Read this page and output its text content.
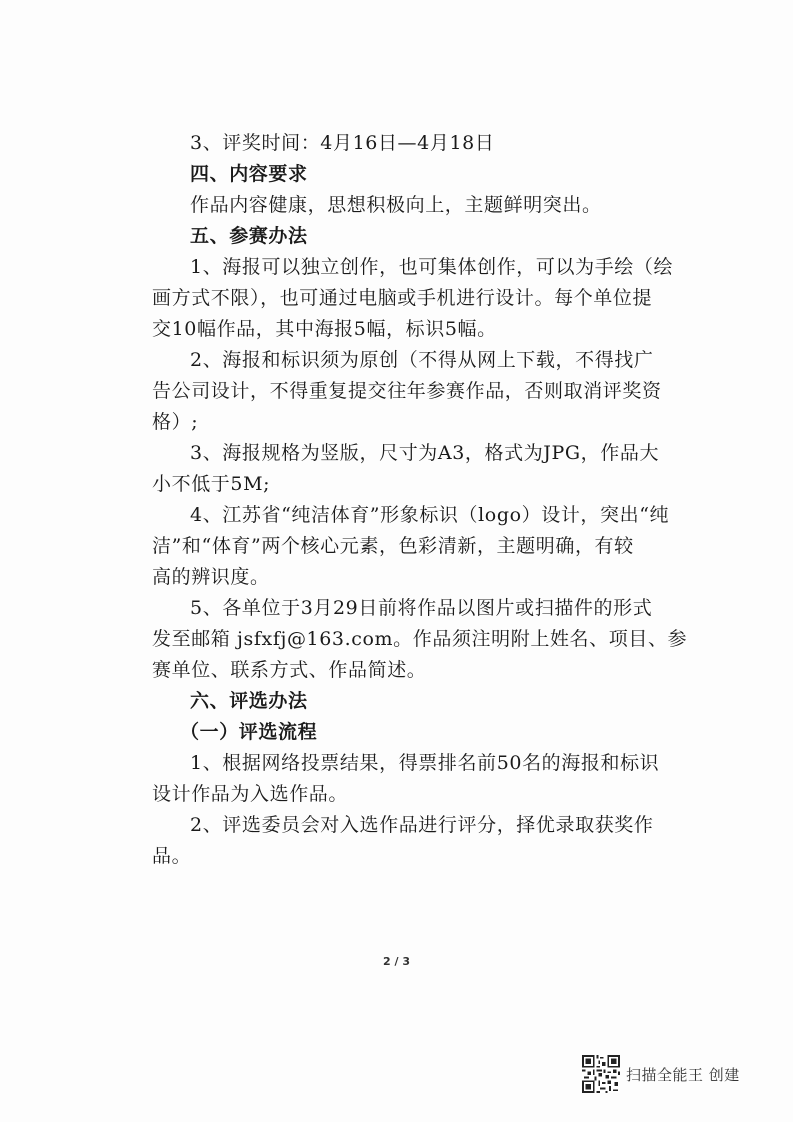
3、评奖时间：4月16日—4月18日
四、内容要求
作品内容健康，思想积极向上，主题鲜明突出。
五、参赛办法
1、海报可以独立创作，也可集体创作，可以为手绘（绘
画方式不限），也可通过电脑或手机进行设计。每个单位提
交10幅作品，其中海报5幅，标识5幅。
2、海报和标识须为原创（不得从网上下载，不得找广
告公司设计，不得重复提交往年参赛作品，否则取消评奖资
格）;
3、海报规格为竖版，尺寸为A3，格式为JPG，作品大
小不低于5M;
4、江苏省“纯洁体育”形象标识（logo）设计，突出“纯
洁”和“体育”两个核心元素，色彩清新，主题明确，有较
高的辨识度。
5、各单位于3月29日前将作品以图片或扫描件的形式
发至邮箱 jsfxfj@163.com。作品须注明附上姓名、项目、参
赛单位、联系方式、作品简述。
六、评选办法
（一）评选流程
1、根据网络投票结果，得票排名前50名的海报和标识
设计作品为入选作品。
2、评选委员会对入选作品进行评分，择优录取获奖作
品。
2 / 3
扫描全能王 创建
